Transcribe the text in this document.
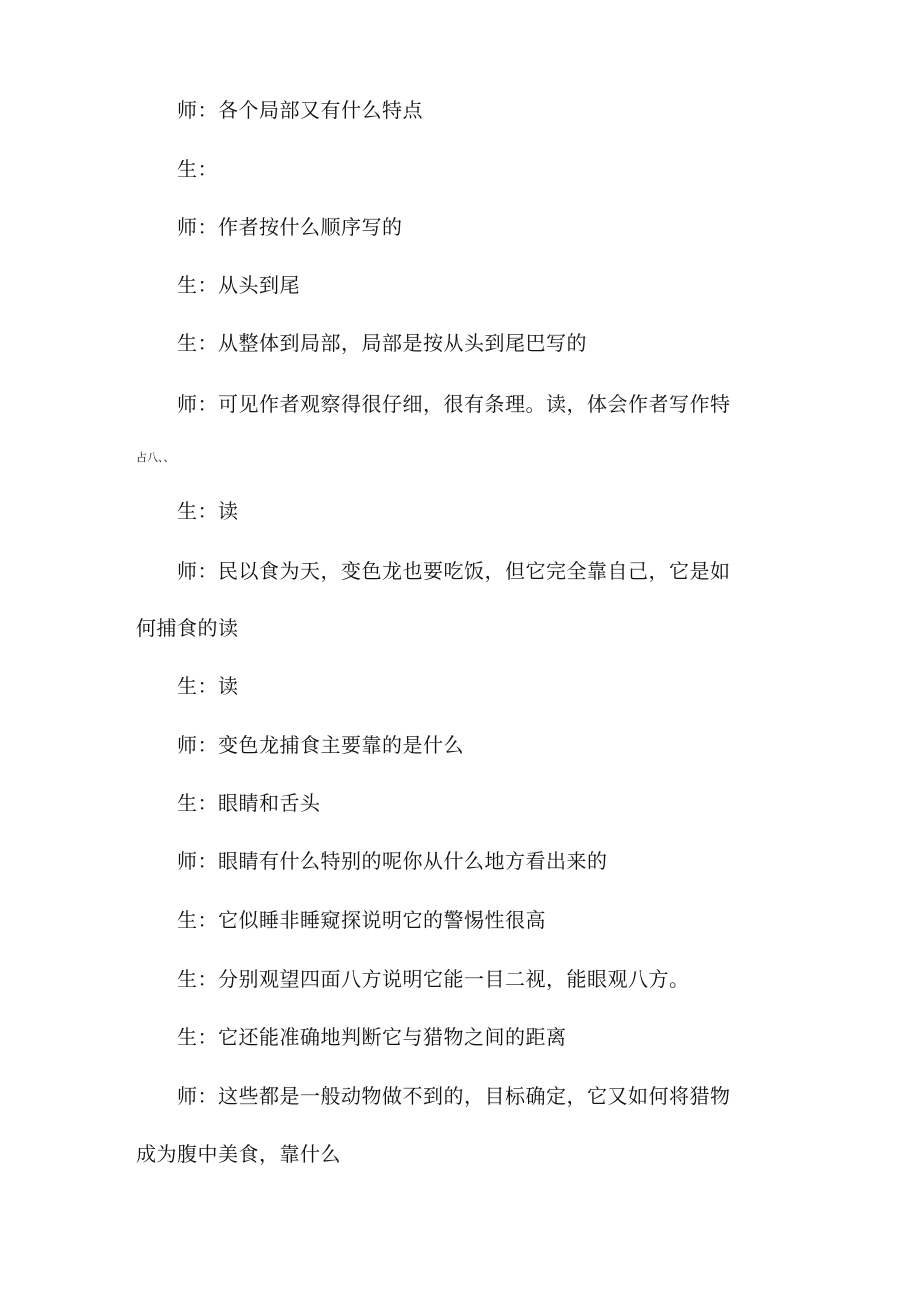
师：各个局部又有什么特点
生：
师：作者按什么顺序写的
生：从头到尾
生：从整体到局部，局部是按从头到尾巴写的
师：可见作者观察得很仔细，很有条理。读，体会作者写作特
占八、、
生：读
师：民以食为天，变色龙也要吃饭，但它完全靠自己，它是如
何捕食的读
生：读
师：变色龙捕食主要靠的是什么
生：眼睛和舌头
师：眼睛有什么特别的呢你从什么地方看出来的
生：它似睡非睡窥探说明它的警惕性很高
生：分别观望四面八方说明它能一目二视，能眼观八方。
生：它还能准确地判断它与猎物之间的距离
师：这些都是一般动物做不到的，目标确定，它又如何将猎物
成为腹中美食，靠什么
